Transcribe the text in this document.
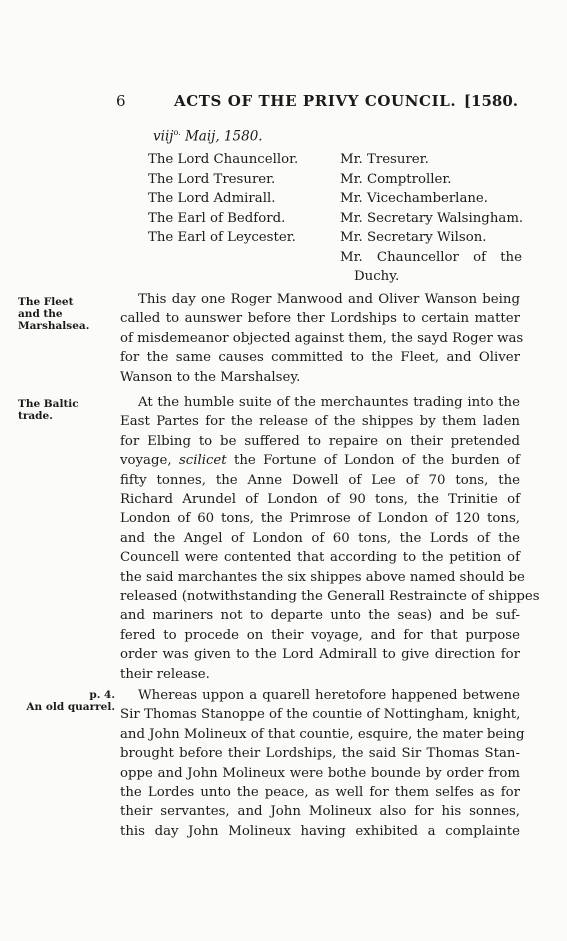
6	ACTS OF THE PRIVY COUNCIL. [1580.
viij$^{o.}$ Maij, 1580.
The Lord Chauncellor.
The Lord Tresurer.
The Lord Admirall.
The Earl of Bedford.
The Earl of Leycester.
Mr. Tresurer.
Mr. Comptroller.
Mr. Vicechamberlane.
Mr. Secretary Walsingham.
Mr. Secretary Wilson.
Mr. Chauncellor of the
Duchy.
The Fleet
and the
Marshalsea.
This day one Roger Manwood and Oliver Wanson being
called to aunswer before ther Lordships to certain matter
of misdemeanor objected against them, the sayd Roger was
for the same causes committed to the Fleet, and Oliver
Wanson to the Marshalsey.
The Baltic
trade.
At the humble suite of the merchauntes trading into the
East Partes for the release of the shippes by them laden
for Elbing to be suffered to repaire on their pretended
voyage, scilicet the Fortune of London of the burden of
fifty tonnes, the Anne Dowell of Lee of 70 tons, the
Richard Arundel of London of 90 tons, the Trinitie of
London of 60 tons, the Primrose of London of 120 tons,
and the Angel of London of 60 tons, the Lords of the
Councell were contented that according to the petition of
the said marchantes the six shippes above named should be
released (notwithstanding the Generall Restraincte of shippes
and mariners not to departe unto the seas) and be suf-
fered to procede on their voyage, and for that purpose
order was given to the Lord Admirall to give direction for
their release.
p. 4.
An old quarrel.
Whereas uppon a quarell heretofore happened betwene
Sir Thomas Stanoppe of the countie of Nottingham, knight,
and John Molineux of that countie, esquire, the mater being
brought before their Lordships, the said Sir Thomas Stan-
oppe and John Molineux were bothe bounde by order from
the Lordes unto the peace, as well for them selfes as for
their servantes, and John Molineux also for his sonnes,
this day John Molineux having exhibited a complainte
